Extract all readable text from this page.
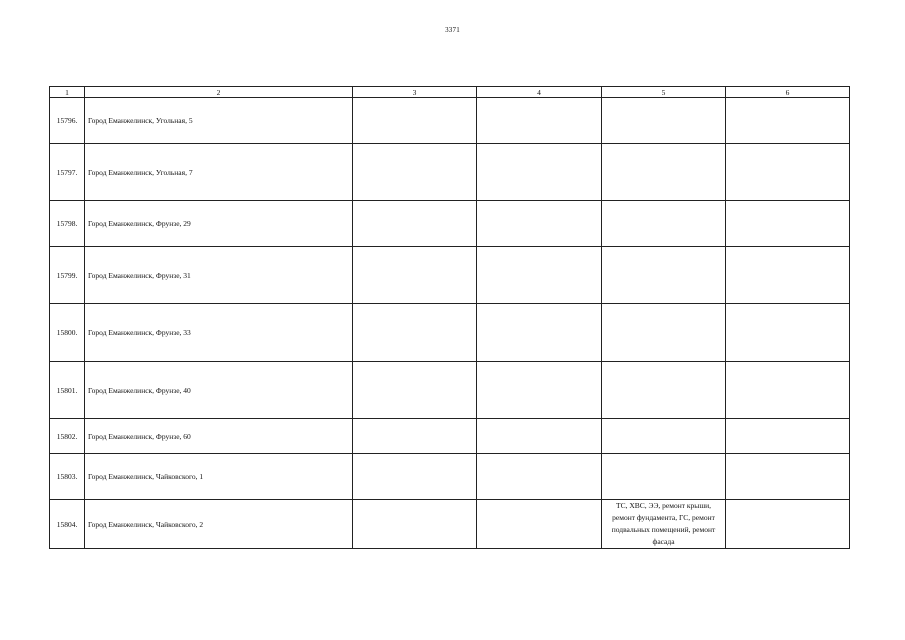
3371
1	2	3	4	5	6
15796.	Город Еманжелинск, Угольная, 5				
15797.	Город Еманжелинск, Угольная, 7				
15798.	Город Еманжелинск, Фрунзе, 29				
15799.	Город Еманжелинск, Фрунзе, 31				
15800.	Город Еманжелинск, Фрунзе, 33				
15801.	Город Еманжелинск, Фрунзе, 40				
15802.	Город Еманжелинск, Фрунзе, 60				
15803.	Город Еманжелинск, Чайковского, 1				
15804.	Город Еманжелинск, Чайковского, 2			ТС, ХВС, ЭЭ, ремонт крыши, ремонт фундамента, ГС, ремонт подвальных помещений, ремонт фасада	
